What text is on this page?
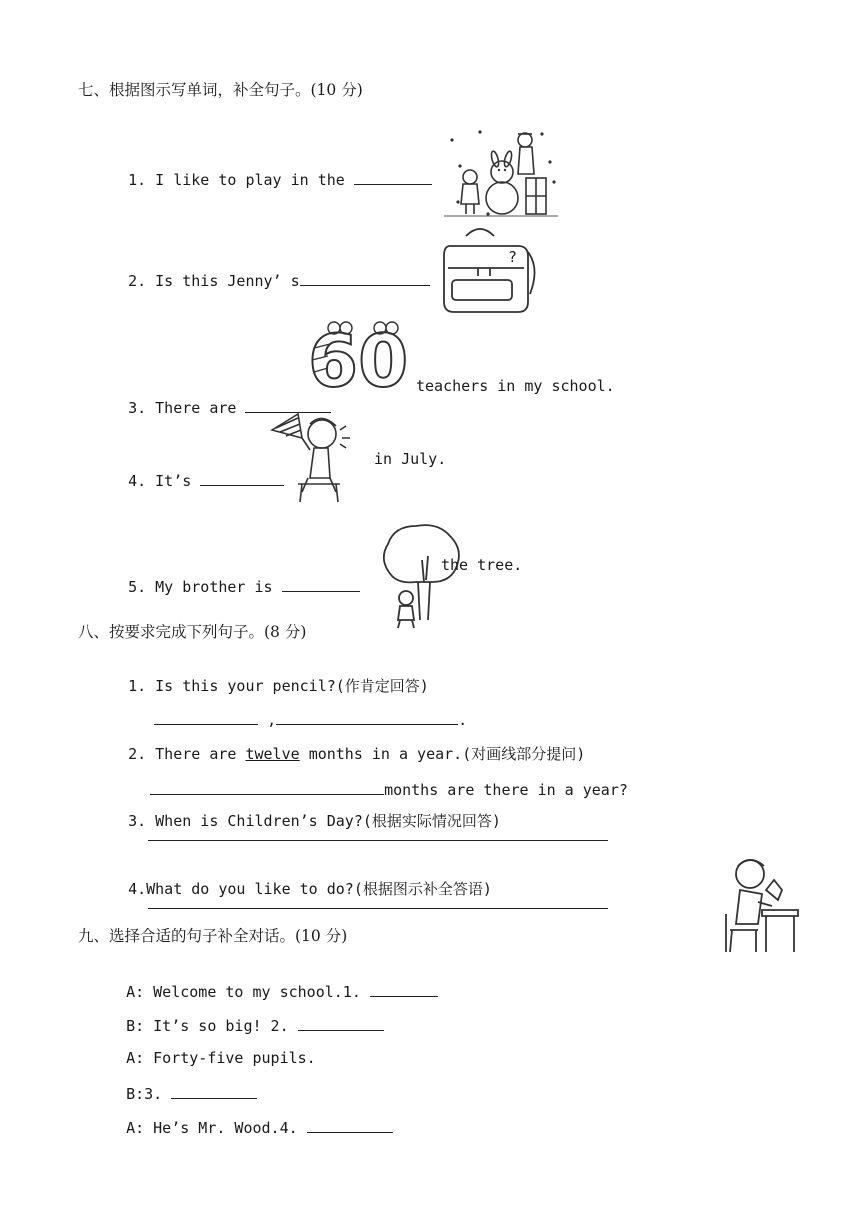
七、根据图示写单词，补全句子。(10 分)

1. I like to play in the

2. Is this Jenny’ s

?
60

3. There are

teachers in my school.

4. It’s

in July.

5. My brother is

the tree.
八、按要求完成下列句子。(8 分)

1. Is this your pencil?(作肯定回答)

,	.

2. There are twelve months in a year.(对画线部分提问)

months are there in a year?

3. When is Children’s Day?(根据实际情况回答)

4.What do you like to do?(根据图示补全答语)

九、选择合适的句子补全对话。(10 分)

A: Welcome to my school.1.

B: It’s so big! 2.

A: Forty-five pupils.

B:3.

A: He’s Mr. Wood.4.
